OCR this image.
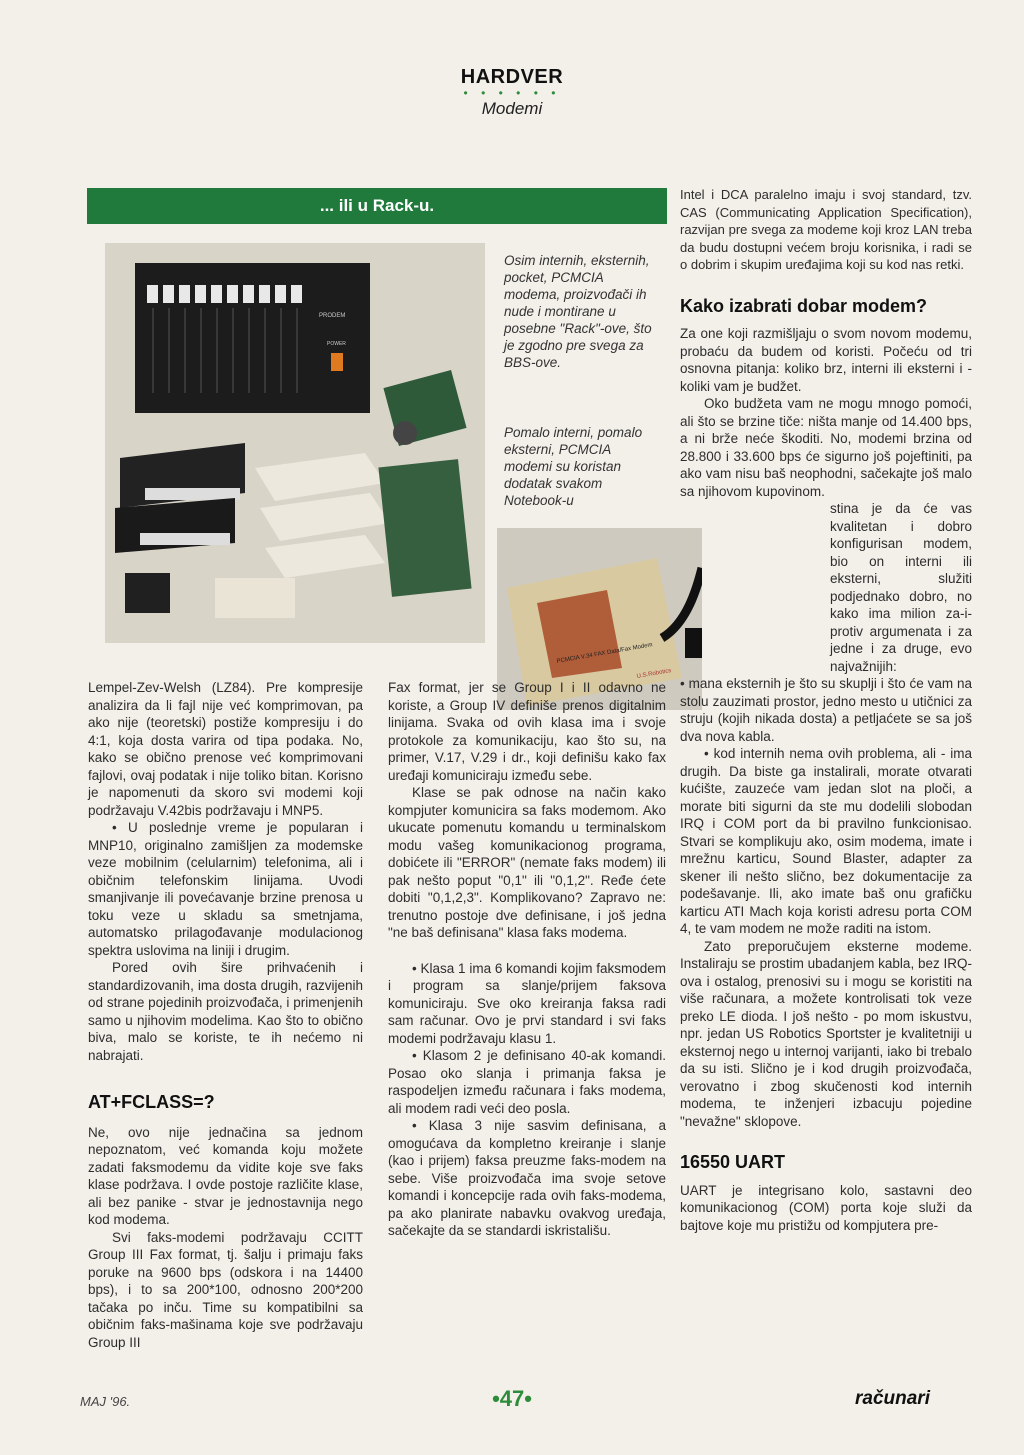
HARDVER
• • • • • •
Modemi
... ili u Rack-u.
PRODEM
POWER
Osim internih, eksternih, pocket, PCMCIA modema, proizvođači ih nude i montirane u posebne "Rack"-ove, što je zgodno pre svega za BBS-ove.
Pomalo interni, pomalo eksterni, PCMCIA modemi su koristan dodatak svakom Notebook-u
PCMCIA V.34 FAX Data/Fax Modem
U.S.Robotics

Lempel-Zev-Welsh (LZ84). Pre kompresije analizira da li fajl nije već komprimovan, pa ako nije (teoretski) postiže kompresiju i do 4:1, koja dosta varira od tipa podaka. No, kako se obično prenose već komprimovani fajlovi, ovaj podatak i nije toliko bitan. Korisno je napomenuti da skoro svi modemi koji podržavaju V.42bis podržavaju i MNP5.

• U poslednje vreme je popularan i MNP10, originalno zamišljen za modemske veze mobilnim (celularnim) telefonima, ali i običnim telefonskim linijama. Uvodi smanjivanje ili povećavanje brzine prenosa u toku veze u skladu sa smetnjama, automatsko prilagođavanje modulacionog spektra uslovima na liniji i drugim.

Pored ovih šire prihvaćenih i standardizovanih, ima dosta drugih, razvijenih od strane pojedinih proizvođača, i primenjenih samo u njihovim modelima. Kao što to obično biva, malo se koriste, te ih nećemo ni nabrajati.

AT+FCLASS=?

Ne, ovo nije jednačina sa jednom nepoznatom, već komanda koju možete zadati faksmodemu da vidite koje sve faks klase podržava. I ovde postoje različite klase, ali bez panike - stvar je jednostavnija nego kod modema.

Svi faks-modemi podržavaju CCITT Group III Fax format, tj. šalju i primaju faks poruke na 9600 bps (odskora i na 14400 bps), i to sa 200*100, odnosno 200*200 tačaka po inču. Time su kompatibilni sa običnim faks-mašinama koje sve podržavaju Group III

Fax format, jer se Group I i II odavno ne koriste, a Group IV definiše prenos digitalnim linijama. Svaka od ovih klasa ima i svoje protokole za komunikaciju, kao što su, na primer, V.17, V.29 i dr., koji definišu kako fax uređaji komuniciraju između sebe.

Klase se pak odnose na način kako kompjuter komunicira sa faks modemom. Ako ukucate pomenutu komandu u terminalskom modu vašeg komunikacionog programa, dobićete ili "ERROR" (nemate faks modem) ili pak nešto poput "0,1" ili "0,1,2". Ređe ćete dobiti "0,1,2,3". Komplikovano? Zapravo ne: trenutno postoje dve definisane, i još jedna "ne baš definisana" klasa faks modema.

• Klasa 1 ima 6 komandi kojim faksmodem i program sa slanje/prijem faksova komuniciraju. Sve oko kreiranja faksa radi sam računar. Ovo je prvi standard i svi faks modemi podržavaju klasu 1.

• Klasom 2 je definisano 40-ak komandi. Posao oko slanja i primanja faksa je raspodeljen između računara i faks modema, ali modem radi veći deo posla.

• Klasa 3 nije sasvim definisana, a omogućava da kompletno kreiranje i slanje (kao i prijem) faksa preuzme faks-modem na sebe. Više proizvođača ima svoje setove komandi i koncepcije rada ovih faks-modema, pa ako planirate nabavku ovakvog uređaja, sačekajte da se standardi iskristališu.

Intel i DCA paralelno imaju i svoj standard, tzv. CAS (Communicating Application Specification), razvijan pre svega za modeme koji kroz LAN treba da budu dostupni većem broju korisnika, i radi se o dobrim i skupim uređajima koji su kod nas retki.

Kako izabrati dobar modem?

Za one koji razmišljaju o svom novom modemu, probaću da budem od koristi. Počeću od tri osnovna pitanja: koliko brz, interni ili eksterni i - koliki vam je budžet.

Oko budžeta vam ne mogu mnogo pomoći, ali što se brzine tiče: ništa manje od 14.400 bps, a ni brže neće škoditi. No, modemi brzina od 28.800 i 33.600 bps će sigurno još pojeftiniti, pa ako vam nisu baš neophodni, sačekajte još malo sa njihovom kupovinom.

stina je da će vas kvalitetan i dobro konfigurisan modem, bio on interni ili eksterni, služiti podjednako dobro, no kako ima milion za-i-protiv argumenata i za jedne i za druge, evo najvažnijih:

• mana eksternih je što su skuplji i što će vam na stolu zauzimati prostor, jedno mesto u utičnici za struju (kojih nikada dosta) a petljaćete se sa još dva nova kabla.

• kod internih nema ovih problema, ali - ima drugih. Da biste ga instalirali, morate otvarati kućište, zauzeće vam jedan slot na ploči, a morate biti sigurni da ste mu dodelili slobodan IRQ i COM port da bi pravilno funkcionisao. Stvari se komplikuju ako, osim modema, imate i mrežnu karticu, Sound Blaster, adapter za skener ili nešto slično, bez dokumentacije za podešavanje. Ili, ako imate baš onu grafičku karticu ATI Mach koja koristi adresu porta COM 4, te vam modem ne može raditi na istom.

Zato preporučujem eksterne modeme. Instaliraju se prostim ubadanjem kabla, bez IRQ-ova i ostalog, prenosivi su i mogu se koristiti na više računara, a možete kontrolisati tok veze preko LE dioda. I još nešto - po mom iskustvu, npr. jedan US Robotics Sportster je kvalitetniji u eksternoj nego u internoj varijanti, iako bi trebalo da su isti. Slično je i kod drugih proizvođača, verovatno i zbog skučenosti kod internih modema, te inženjeri izbacuju pojedine "nevažne" sklopove.

16550 UART

UART je integrisano kolo, sastavni deo komunikacionog (COM) porta koje služi da bajtove koje mu pristižu od kompjutera pre-

MAJ '96.	•47•	računari
